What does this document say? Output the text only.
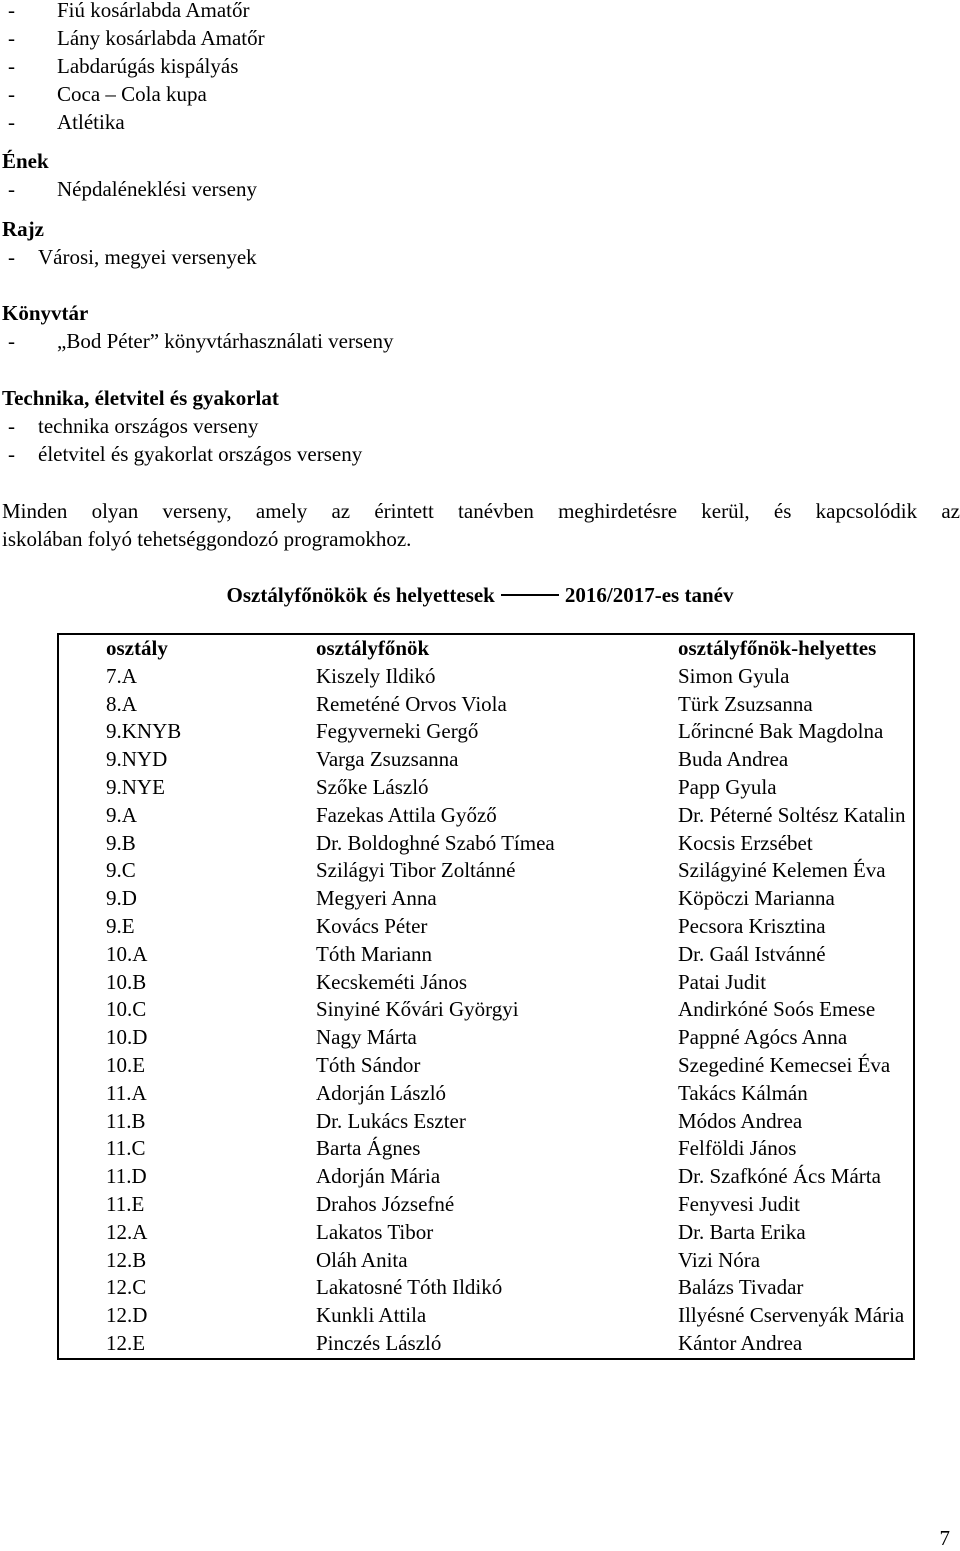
- Fiú kosárlabda Amatőr
- Lány kosárlabda Amatőr
- Labdarúgás kispályás
- Coca – Cola kupa
- Atlétika
Ének
- Népdaléneklési verseny
Rajz
- Városi, megyei versenyek
Könyvtár
- „Bod Péter” könyvtárhasználati verseny
Technika, életvitel és gyakorlat
- technika országos verseny
- életvitel és gyakorlat országos verseny
Minden olyan verseny, amely az érintett tanévben meghirdetésre kerül, és kapcsolódik az
iskolában folyó tehetséggondozó programokhoz.
Osztályfőnökök és helyettesek	2016/2017-es tanév
osztály	osztályfőnök	osztályfőnök-helyettes
7.A	Kiszely Ildikó	Simon Gyula
8.A	Remeténé Orvos Viola	Türk Zsuzsanna
9.KNYB	Fegyverneki Gergő	Lőrincné Bak Magdolna
9.NYD	Varga Zsuzsanna	Buda Andrea
9.NYE	Szőke László	Papp Gyula
9.A	Fazekas Attila Győző	Dr. Péterné Soltész Katalin
9.B	Dr. Boldoghné Szabó Tímea	Kocsis Erzsébet
9.C	Szilágyi Tibor Zoltánné	Szilágyiné Kelemen Éva
9.D	Megyeri Anna	Köpöczi Marianna
9.E	Kovács Péter	Pecsora Krisztina
10.A	Tóth Mariann	Dr. Gaál Istvánné
10.B	Kecskeméti János	Patai Judit
10.C	Sinyiné Kővári Györgyi	Andirkóné Soós Emese
10.D	Nagy Márta	Pappné Agócs Anna
10.E	Tóth Sándor	Szegediné Kemecsei Éva
11.A	Adorján László	Takács Kálmán
11.B	Dr. Lukács Eszter	Módos Andrea
11.C	Barta Ágnes	Felföldi János
11.D	Adorján Mária	Dr. Szafkóné Ács Márta
11.E	Drahos Józsefné	Fenyvesi Judit
12.A	Lakatos Tibor	Dr. Barta Erika
12.B	Oláh Anita	Vizi Nóra
12.C	Lakatosné Tóth Ildikó	Balázs Tivadar
12.D	Kunkli Attila	Illyésné Cservenyák Mária
12.E	Pinczés László	Kántor Andrea
7
